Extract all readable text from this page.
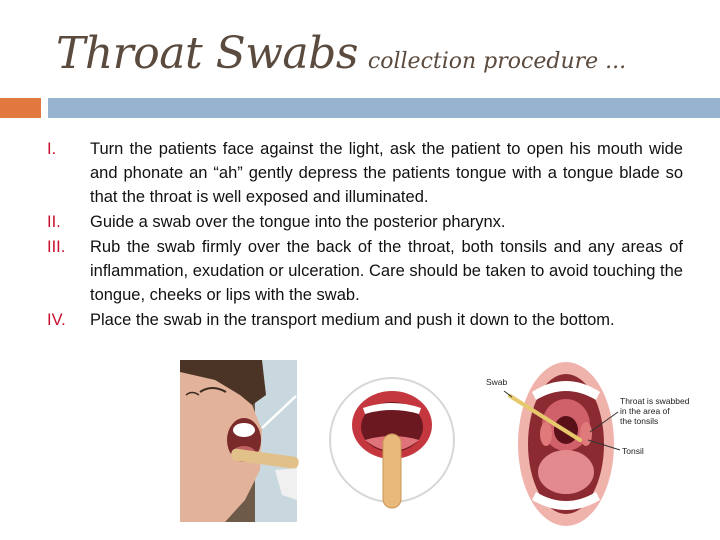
Throat Swabs collection procedure ...
I. Turn the patients face against the light, ask the patient to open his mouth wide and phonate an “ah” gently depress the patients tongue with a tongue blade so that the throat is well exposed and illuminated.
II. Guide a swab over the tongue into the posterior pharynx.
III. Rub the swab firmly over the back of the throat, both tonsils and any areas of inflammation, exudation or ulceration. Care should be taken to avoid touching the tongue, cheeks or lips with the swab.
IV. Place the swab in the transport medium and push it down to the bottom.
Swab
Throat is swabbed
in the area of
the tonsils
Tonsil
